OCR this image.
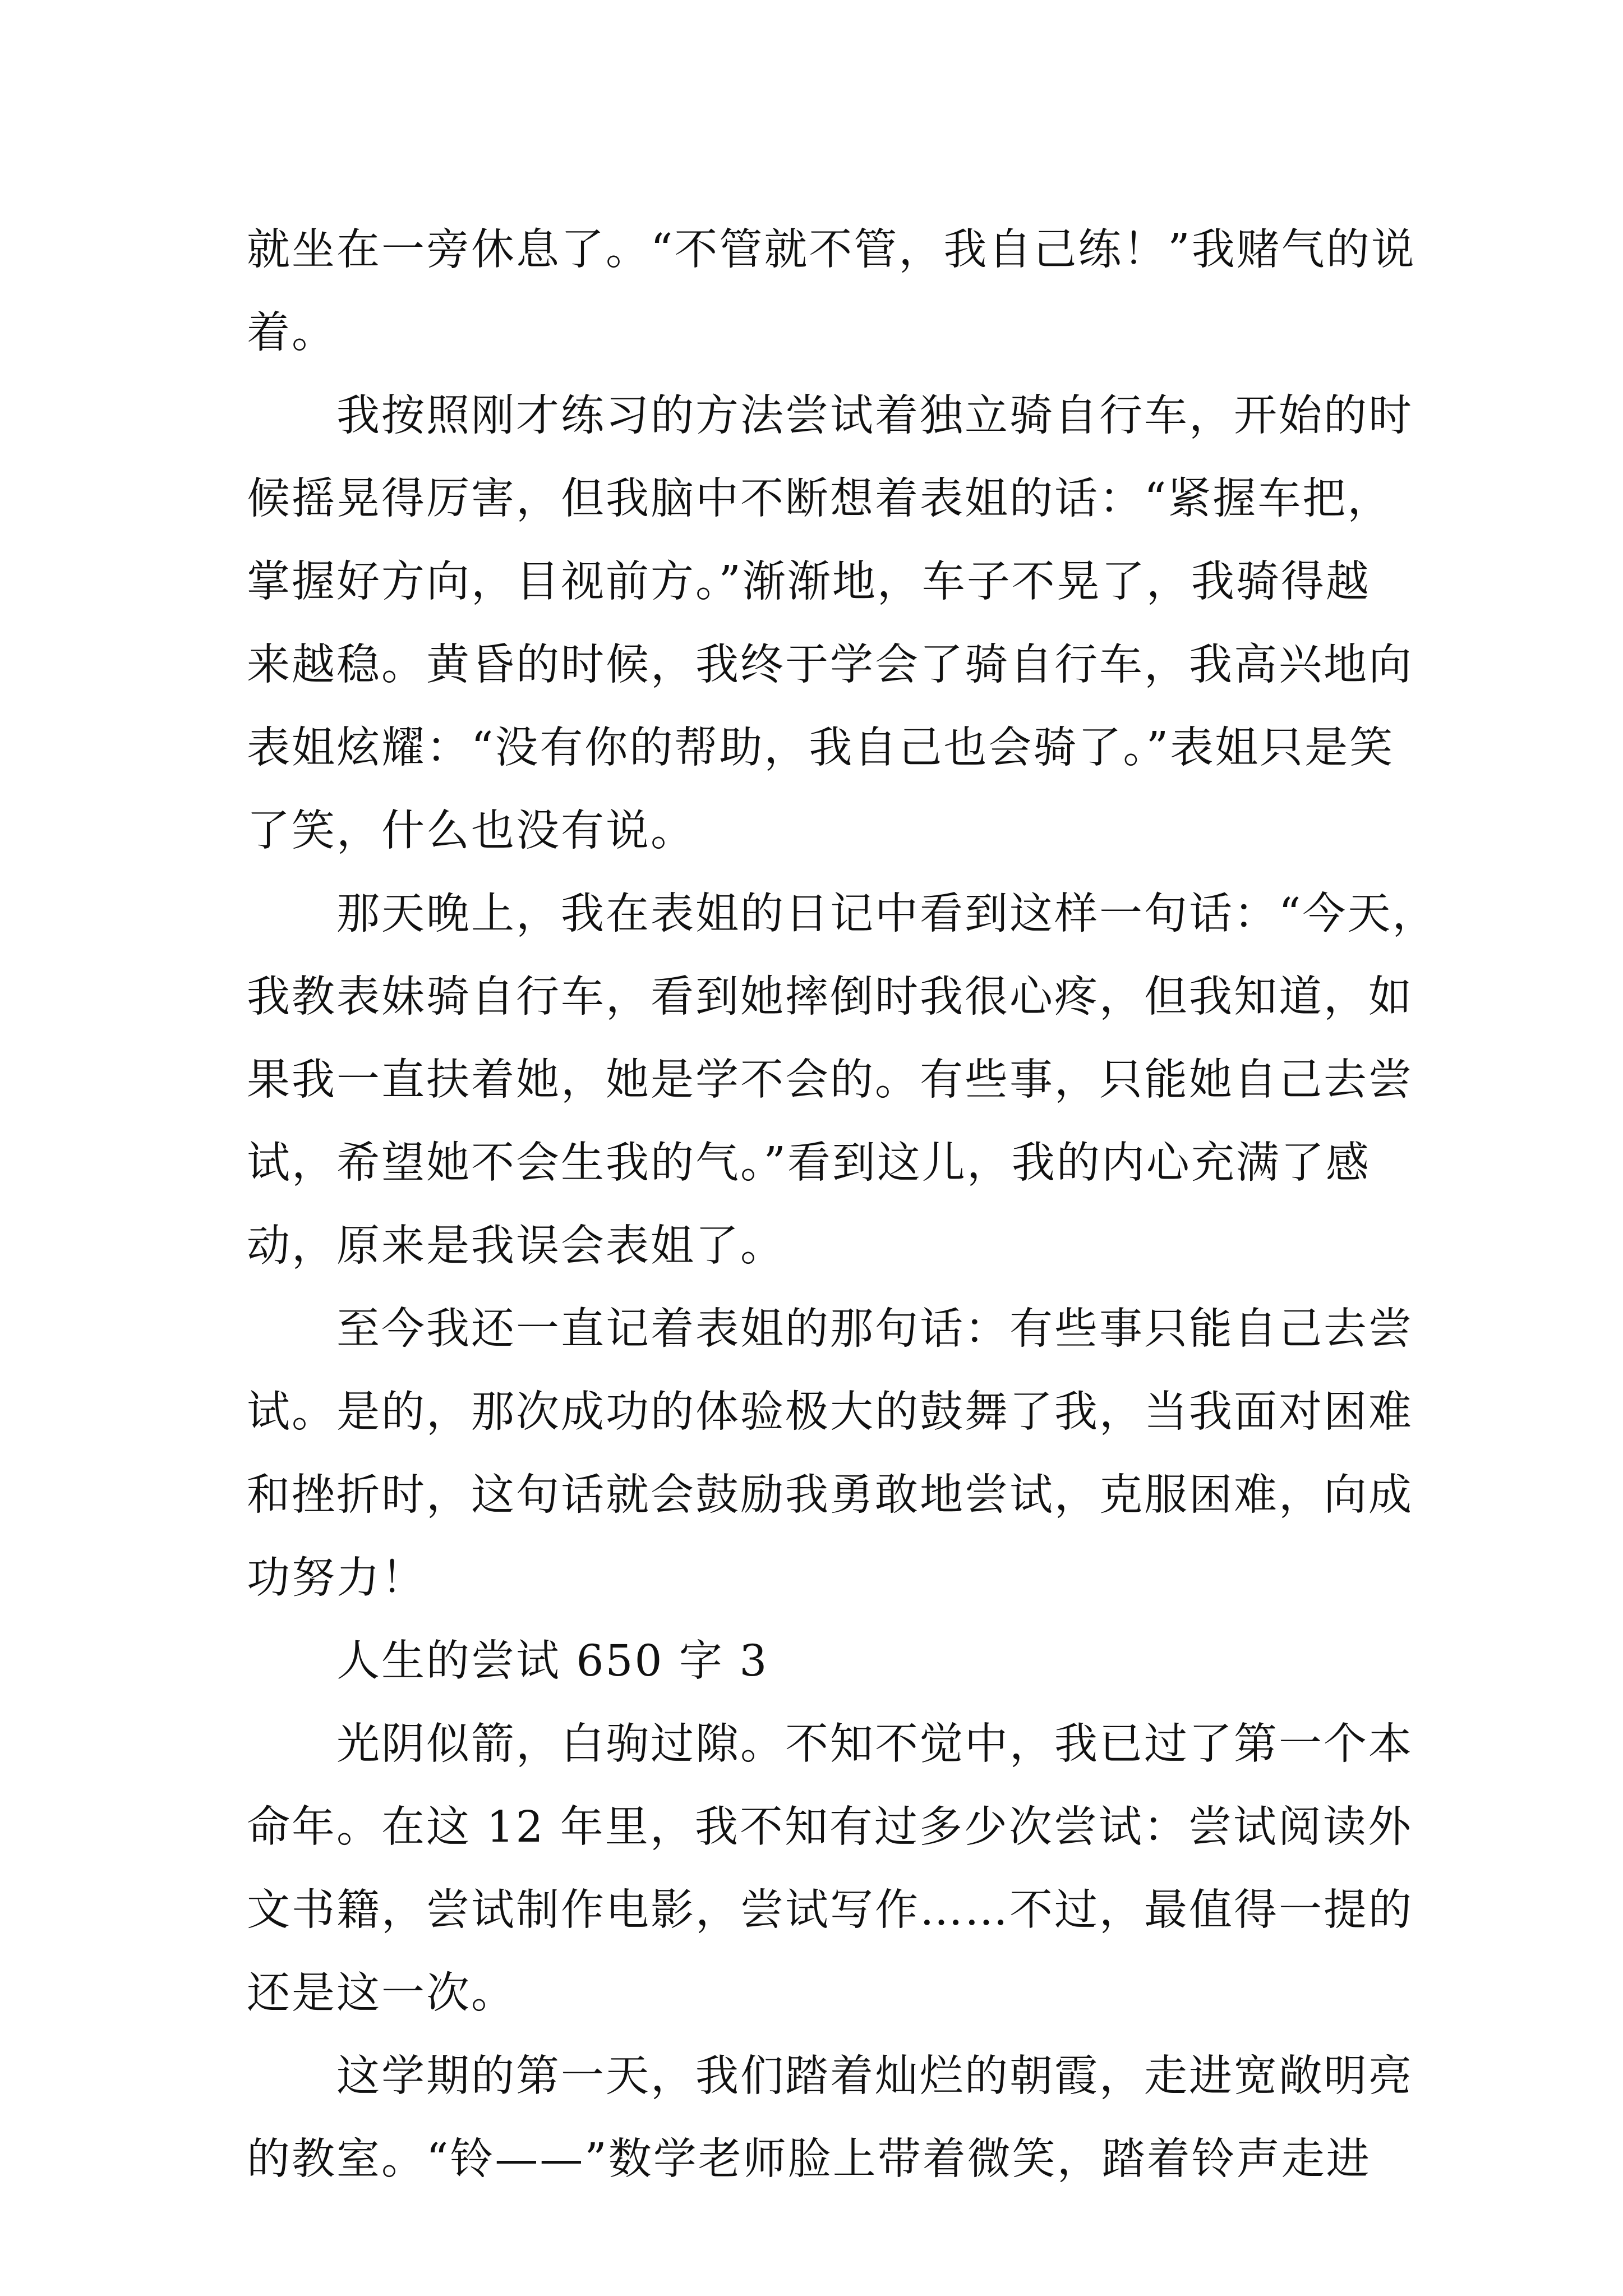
就坐在一旁休息了。“不管就不管，我自己练！”我赌气的说
着。
我按照刚才练习的方法尝试着独立骑自行车，开始的时
候摇晃得厉害，但我脑中不断想着表姐的话：“紧握车把，
掌握好方向，目视前方。”渐渐地，车子不晃了，我骑得越
来越稳。黄昏的时候，我终于学会了骑自行车，我高兴地向
表姐炫耀：“没有你的帮助，我自己也会骑了。”表姐只是笑
了笑，什么也没有说。
那天晚上，我在表姐的日记中看到这样一句话：“今天，
我教表妹骑自行车，看到她摔倒时我很心疼，但我知道，如
果我一直扶着她，她是学不会的。有些事，只能她自己去尝
试，希望她不会生我的气。”看到这儿，我的内心充满了感
动，原来是我误会表姐了。
至今我还一直记着表姐的那句话：有些事只能自己去尝
试。是的，那次成功的体验极大的鼓舞了我，当我面对困难
和挫折时，这句话就会鼓励我勇敢地尝试，克服困难，向成
功努力！
人生的尝试 650 字 3
光阴似箭，白驹过隙。不知不觉中，我已过了第一个本
命年。在这 12 年里，我不知有过多少次尝试：尝试阅读外
文书籍，尝试制作电影，尝试写作……不过，最值得一提的
还是这一次。
这学期的第一天，我们踏着灿烂的朝霞，走进宽敞明亮
的教室。“铃——”数学老师脸上带着微笑，踏着铃声走进
